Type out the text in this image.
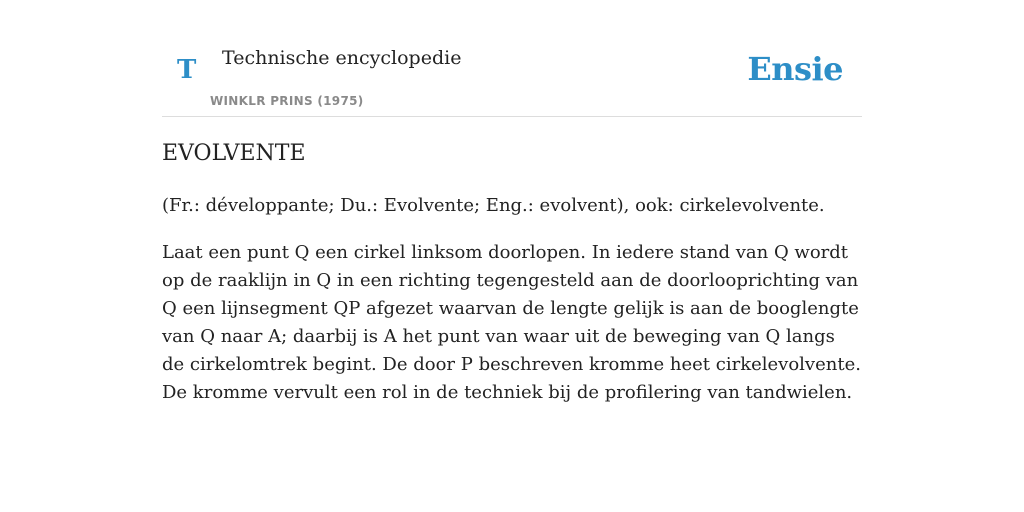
T Technische encyclopedie
WINKLR PRINS (1975)
Ensie
EVOLVENTE

(Fr.: développante; Du.: Evolvente; Eng.: evolvent), ook: cirkelevolvente.

Laat een punt Q een cirkel linksom doorlopen. In iedere stand van Q wordt op de raaklijn in Q in een richting tegengesteld aan de doorlooprichting van Q een lijnsegment QP afgezet waarvan de lengte gelijk is aan de booglengte van Q naar A; daarbij is A het punt van waar uit de beweging van Q langs de cirkelomtrek begint. De door P beschreven kromme heet cirkelevolvente. De kromme vervult een rol in de techniek bij de profilering van tandwielen.
